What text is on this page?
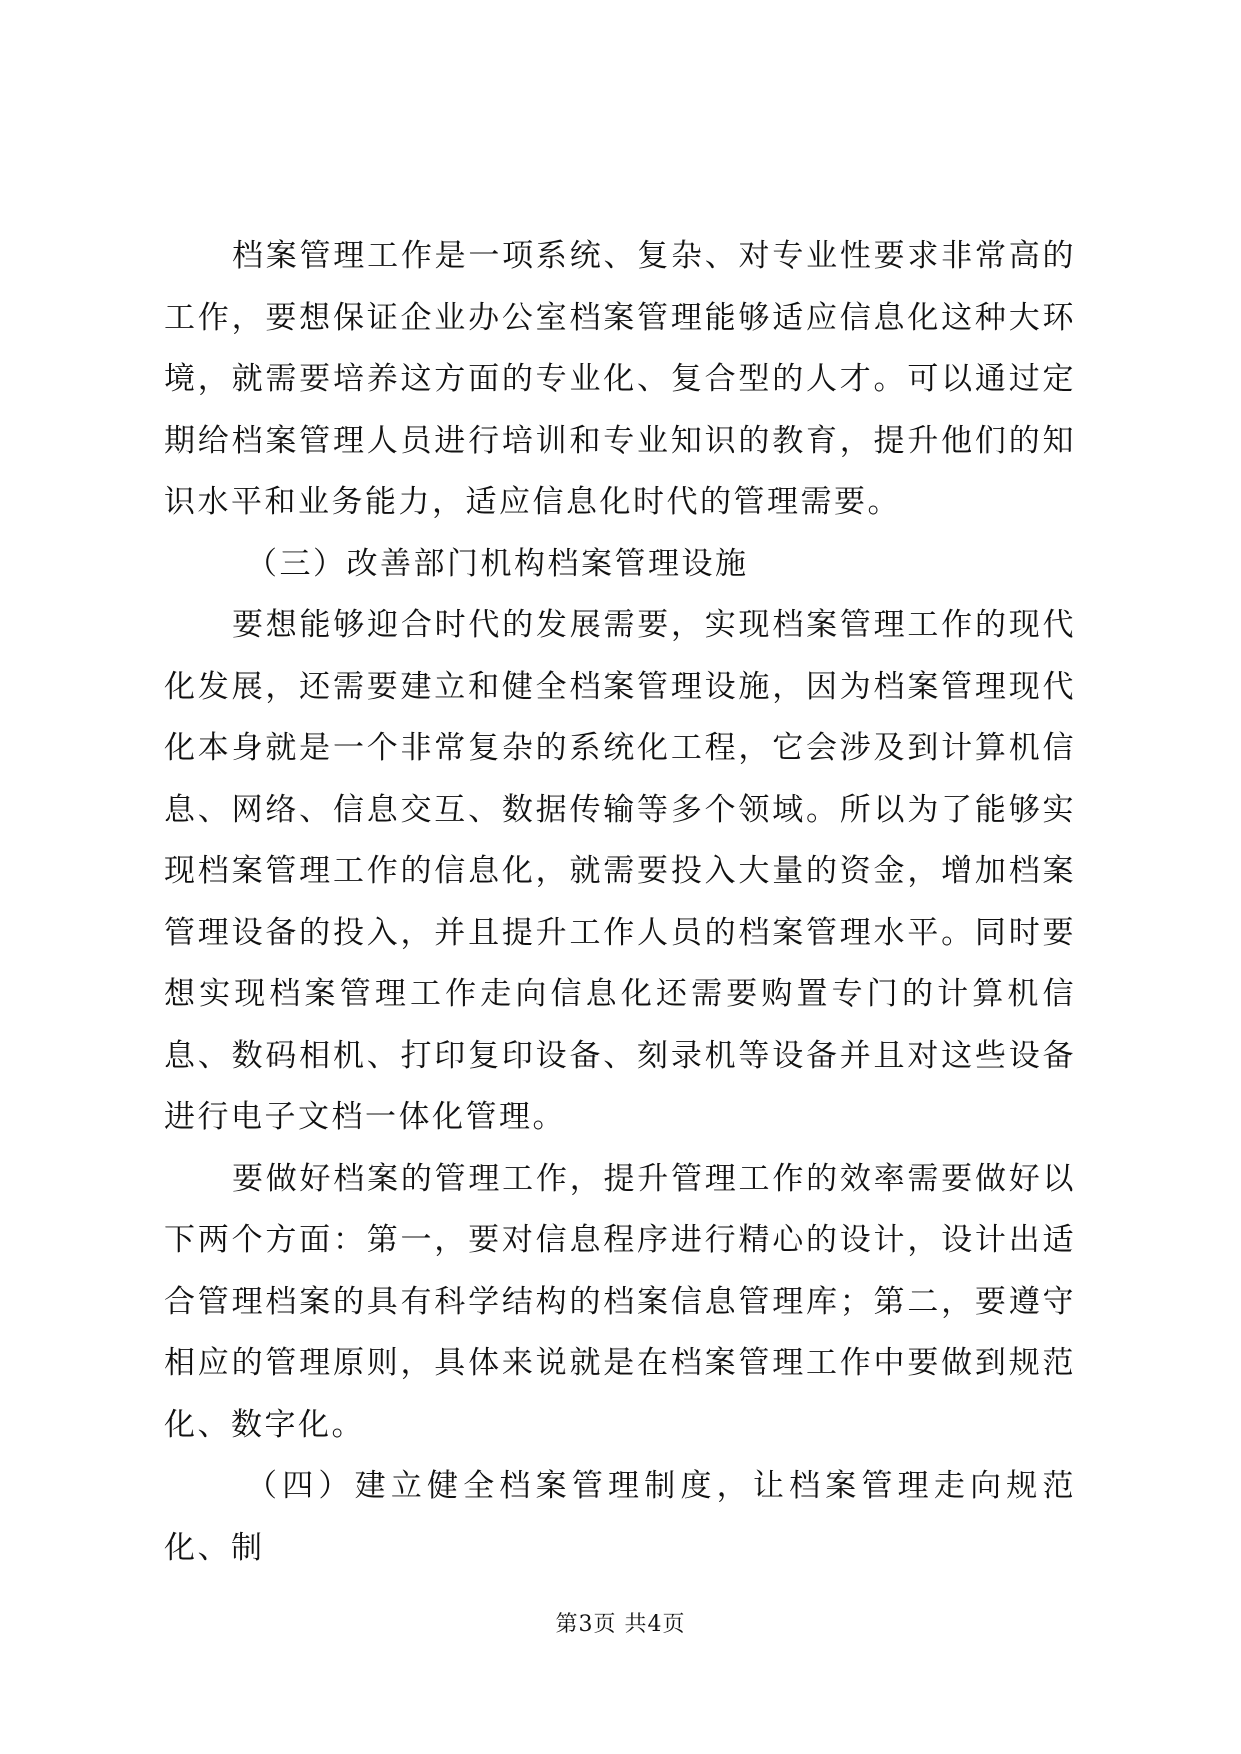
档案管理工作是一项系统、复杂、对专业性要求非常高的工作，要想保证企业办公室档案管理能够适应信息化这种大环境，就需要培养这方面的专业化、复合型的人才。可以通过定期给档案管理人员进行培训和专业知识的教育，提升他们的知识水平和业务能力，适应信息化时代的管理需要。

（三）改善部门机构档案管理设施

要想能够迎合时代的发展需要，实现档案管理工作的现代化发展，还需要建立和健全档案管理设施，因为档案管理现代化本身就是一个非常复杂的系统化工程，它会涉及到计算机信息、网络、信息交互、数据传输等多个领域。所以为了能够实现档案管理工作的信息化，就需要投入大量的资金，增加档案管理设备的投入，并且提升工作人员的档案管理水平。同时要想实现档案管理工作走向信息化还需要购置专门的计算机信息、数码相机、打印复印设备、刻录机等设备并且对这些设备进行电子文档一体化管理。

要做好档案的管理工作，提升管理工作的效率需要做好以下两个方面：第一，要对信息程序进行精心的设计，设计出适合管理档案的具有科学结构的档案信息管理库；第二，要遵守相应的管理原则，具体来说就是在档案管理工作中要做到规范化、数字化。

（四）建立健全档案管理制度，让档案管理走向规范化、制

第3页 共4页
